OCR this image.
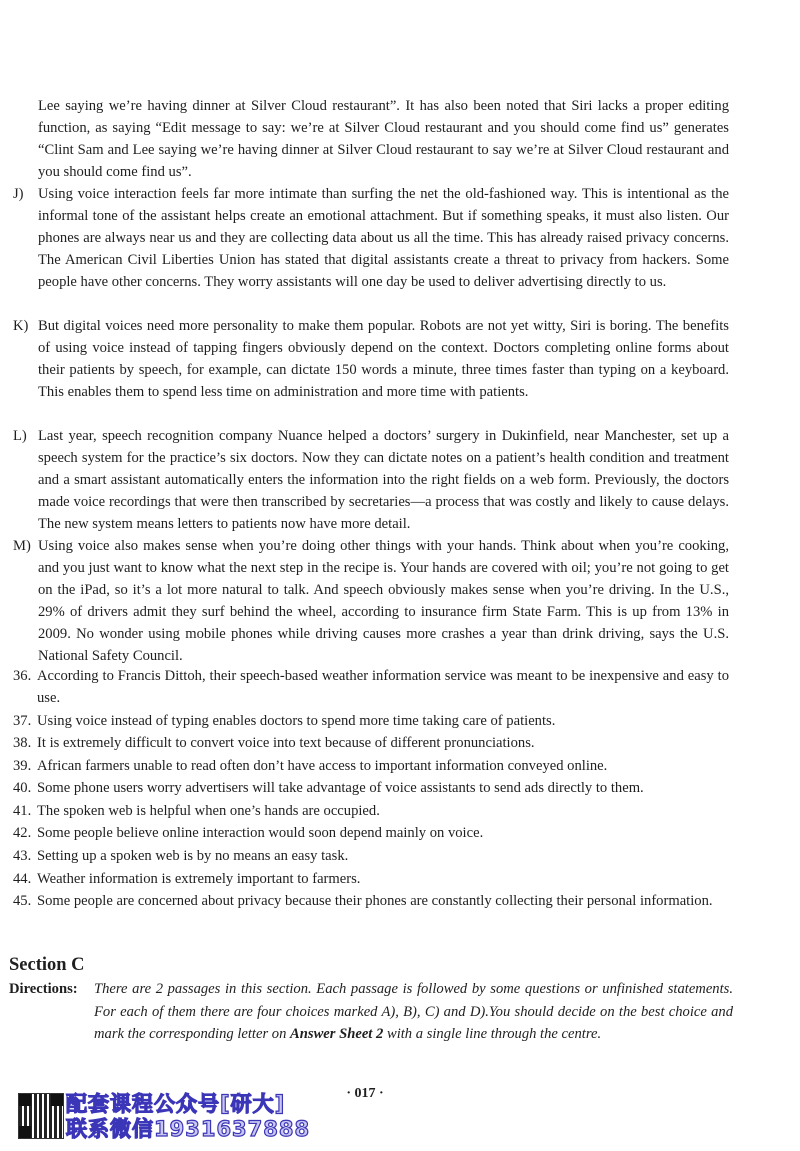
Lee saying we’re having dinner at Silver Cloud restaurant”. It has also been noted that Siri lacks a proper editing function, as saying “Edit message to say: we’re at Silver Cloud restaurant and you should come find us” generates “Clint Sam and Lee saying we’re having dinner at Silver Cloud restaurant to say we’re at Silver Cloud restaurant and you should come find us”.
J) Using voice interaction feels far more intimate than surfing the net the old-fashioned way. This is intentional as the informal tone of the assistant helps create an emotional attachment. But if something speaks, it must also listen. Our phones are always near us and they are collecting data about us all the time. This has already raised privacy concerns. The American Civil Liberties Union has stated that digital assistants create a threat to privacy from hackers. Some people have other concerns. They worry assistants will one day be used to deliver advertising directly to us.
K) But digital voices need more personality to make them popular. Robots are not yet witty, Siri is boring. The benefits of using voice instead of tapping fingers obviously depend on the context. Doctors completing online forms about their patients by speech, for example, can dictate 150 words a minute, three times faster than typing on a keyboard. This enables them to spend less time on administration and more time with patients.
L) Last year, speech recognition company Nuance helped a doctors’ surgery in Dukinfield, near Manchester, set up a speech system for the practice’s six doctors. Now they can dictate notes on a patient’s health condition and treatment and a smart assistant automatically enters the information into the right fields on a web form. Previously, the doctors made voice recordings that were then transcribed by secretaries—a process that was costly and likely to cause delays. The new system means letters to patients now have more detail.
M) Using voice also makes sense when you’re doing other things with your hands. Think about when you’re cooking, and you just want to know what the next step in the recipe is. Your hands are covered with oil; you’re not going to get on the iPad, so it’s a lot more natural to talk. And speech obviously makes sense when you’re driving. In the U.S., 29% of drivers admit they surf behind the wheel, according to insurance firm State Farm. This is up from 13% in 2009. No wonder using mobile phones while driving causes more crashes a year than drink driving, says the U.S. National Safety Council.
36. According to Francis Dittoh, their speech-based weather information service was meant to be inexpensive and easy to use.
37. Using voice instead of typing enables doctors to spend more time taking care of patients.
38. It is extremely difficult to convert voice into text because of different pronunciations.
39. African farmers unable to read often don’t have access to important information conveyed online.
40. Some phone users worry advertisers will take advantage of voice assistants to send ads directly to them.
41. The spoken web is helpful when one’s hands are occupied.
42. Some people believe online interaction would soon depend mainly on voice.
43. Setting up a spoken web is by no means an easy task.
44. Weather information is extremely important to farmers.
45. Some people are concerned about privacy because their phones are constantly collecting their personal information.
Section C
Directions: There are 2 passages in this section. Each passage is followed by some questions or unfinished statements. For each of them there are four choices marked A), B), C) and D).You should decide on the best choice and mark the corresponding letter on Answer Sheet 2 with a single line through the centre.
· 017 ·
配套课程公众号[研大]
联系微信1931637888
